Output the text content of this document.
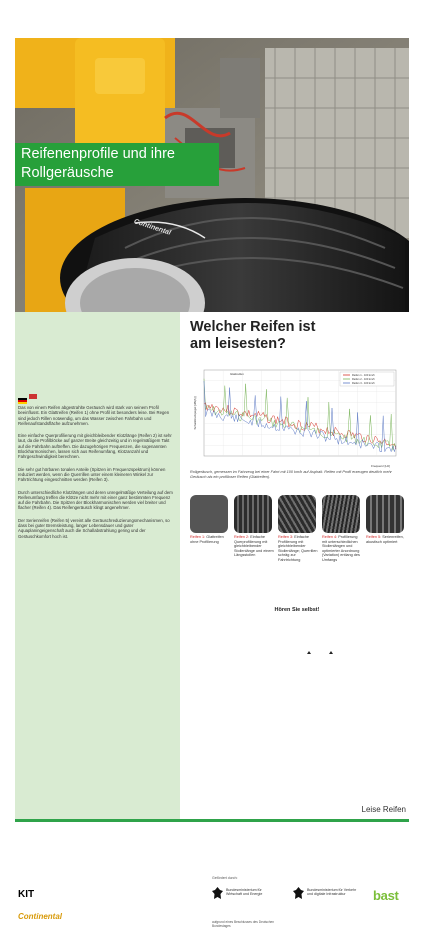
Continental
Reifenenprofile und ihre
Rollgeräusche

Das von einem Reifen abgestrahlte Geräusch wird stark von seinem Profil beeinflusst. Ein Glattreifen (Reifen 1) ohne Profil ist besonders leise. Bei Regen sind jedoch Rillen notwendig, um das Wasser zwischen Fahrbahn und Reifenaufstandsfläche aufzunehmen.

Eine einfache Querprofilierung mit gleichbleibender Klotzlänge (Reifen 2) ist sehr laut, da die Profilblöcke auf ganzer Breite gleichzeitig und in regelmäßigem Takt auf die Fahrbahn auftreffen. Die dazugehörigen Frequenzen, die sogenannten Blockharmonischen, lassen sich aus Reifenumfang, Klotzanzahl und Fahrgeschwindigkeit berechnen.

Die sehr gut hörbaren tonalen Anteile (Spitzen im Frequenzspektrum) können reduziert werden, wenn die Querrillen unter einem kleineren Winkel zur Fahrtrichtung eingeschnitten werden (Reifen 3).

Durch unterschiedliche Klotzlängen und deren unregelmäßige Verteilung auf dem Reifenumfang treffen die Klötze nicht mehr mit einer ganz bestimmten Frequenz auf die Fahrbahn. Die Spitzen der Blockharmonischen werden viel breiter und flacher (Reifen 4). Das Reifengeräusch klingt angenehmer.

Der Serienreifen (Reifen 5) vereint alle Geräuschreduzierungsmechanismen, so dass bei guter Bremsleistung, langer Lebensdauer und guter Aquaplaningeigenschaft auch die Schallabstrahlung gering und der Geräuschkomfort hoch ist.

Welcher Reifen ist
am leisesten?
Schalldruckpegel [dB(A)]
Frequenz [Hz]
Glattreifen	Reifen 1 - 100 km/h
Reifen 2 - 100 km/h
Reifen 3 - 100 km/h
Rollgeräusch, gemessen im Fahrzeug bei einer Fahrt mit 100 km/h auf Asphalt. Reifen mit Profil erzeugen deutlich mehr Geräusch als ein profilloser Reifen (Glattreifen).
Reifen 1: Glattreifen ohne Profilierung
Reifen 2: Einfache Querprofilierung mit gleichbleibender Stollenlänge und einem Längsstollen
Reifen 3: Einfache Profilierung mit gleichbleibender Stollenlänge; Querrillen schräg zur Fahrtrichtung
Reifen 4: Profilierung mit unterschiedlichen Stollenlängen und optimierter Anordnung (Variation) entlang des Umfangs
Reifen 5: Serienreifen, akustisch optimiert
Hören Sie selbst!
Leise Reifen
KIT
Continental
Gefördert durch:
Bundesministerium für Wirtschaft und Energie
Bundesministerium für Verkehr und digitale Infrastruktur	bast
aufgrund eines Beschlusses des Deutschen Bundestages
